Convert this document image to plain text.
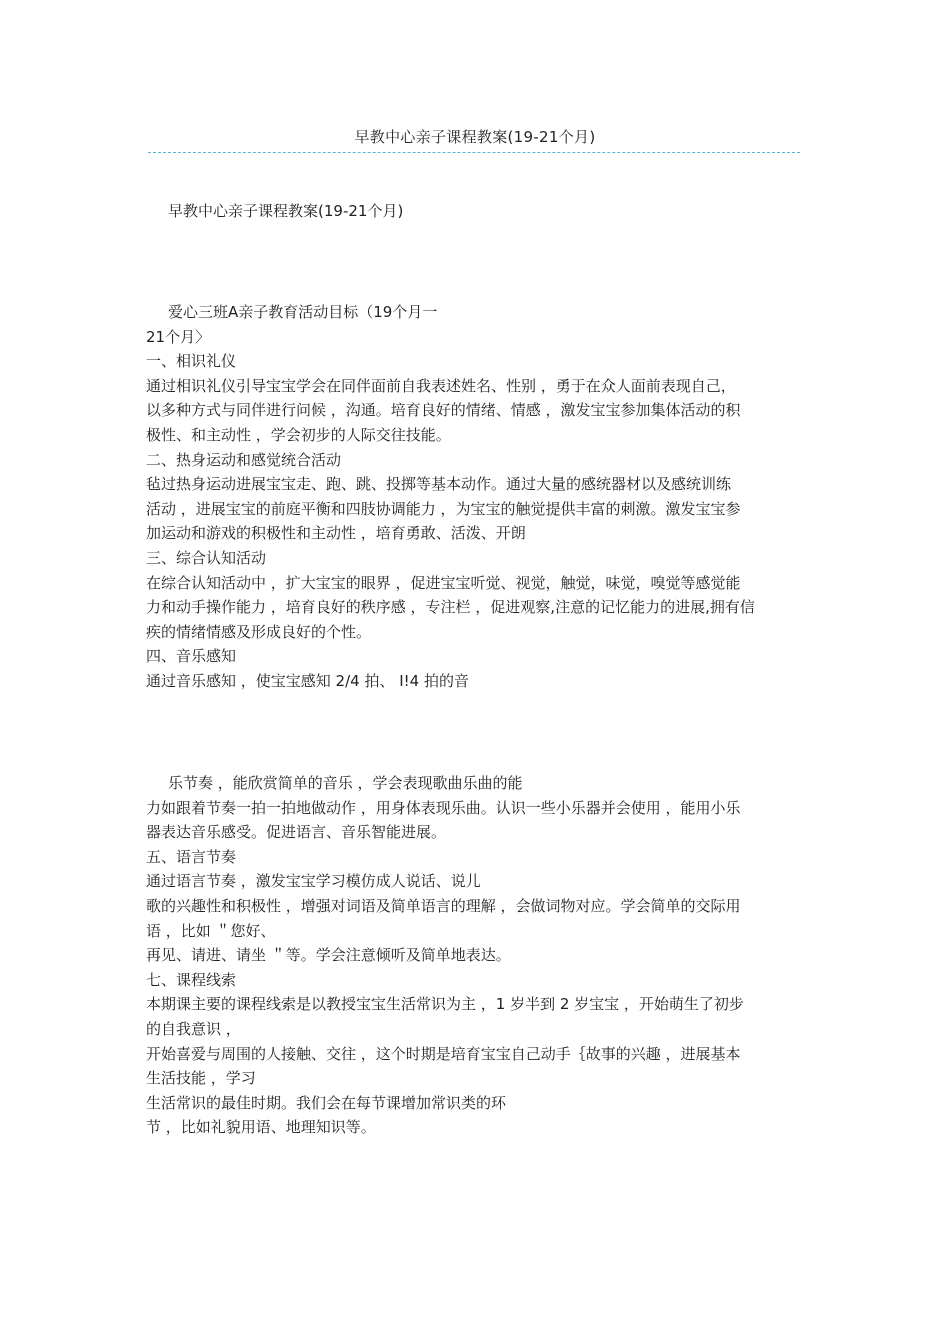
早教中心亲子课程教案(19-21个月)
早教中心亲子课程教案(19-21个月)
爱心三班A亲子教育活动目标（19个月一
21个月〉
一、相识礼仪
通过相识礼仪引导宝宝学会在同伴面前自我表述姓名、性别 ，勇于在众人面前表现自己，
以多种方式与同伴进行问候 ，沟通。培育良好的情绪、情感 ，激发宝宝参加集体活动的积
极性、和主动性 ，学会初步的人际交往技能。
二、热身运动和感觉统合活动
毡过热身运动进展宝宝走、跑、跳、投掷等基本动作。通过大量的感统器材以及感统训练
活动 ，进展宝宝的前庭平衡和四肢协调能力 ，为宝宝的触觉提供丰富的刺激。激发宝宝参
加运动和游戏的积极性和主动性 ，培育勇敢、活泼、开朗
三、综合认知活动
在综合认知活动中 ，扩大宝宝的眼界 ，促进宝宝听觉、视觉，触觉，味觉，嗅觉等感觉能
力和动手操作能力 ，培育良好的秩序感 ，专注栏 ，促进观察,注意的记忆能力的进展,拥有信
疾的情绪情感及形成良好的个性。
四、音乐感知
通过音乐感知 ，使宝宝感知 2/4 拍、 I!4 拍的音
乐节奏 ，能欣赏简单的音乐 ，学会表现歌曲乐曲的能
力如跟着节奏一拍一拍地做动作 ，用身体表现乐曲。认识一些小乐器并会使用 ，能用小乐
器表达音乐感受。促进语言、音乐智能进展。
五、语言节奏
通过语言节奏 ，激发宝宝学习模仿成人说话、说儿
歌的兴趣性和积极性 ，增强对词语及简单语言的理解 ，会做词物对应。学会简单的交际用
语 ，比如 ＂您好、
再见、请进、请坐 ＂等。学会注意倾听及简单地表达。
七、课程线索
本期课主要的课程线索是以教授宝宝生活常识为主 ，1 岁半到 2 岁宝宝 ，开始萌生了初步
的自我意识 ，
开始喜爱与周围的人接触、交往 ，这个时期是培育宝宝自己动手｛故事的兴趣 ，进展基本
生活技能 ，学习
生活常识的最佳时期。我们会在每节课增加常识类的环
节 ，比如礼貌用语、地理知识等。
